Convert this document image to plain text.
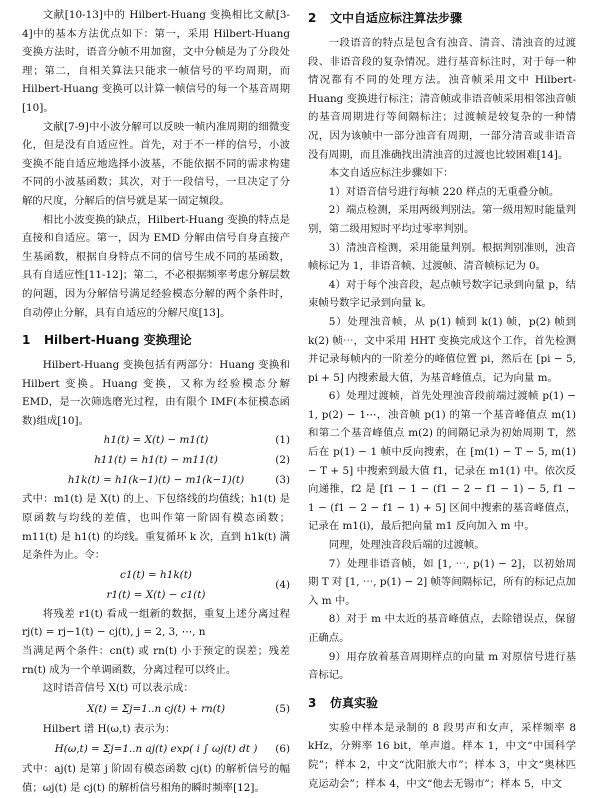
文献[10-13]中的 Hilbert-Huang 变换相比文献[3-4]中的基本方法优点如下：第一，采用 Hilbert-Huang 变换方法时，语音分帧不用加窗，文中分帧是为了分段处理；第二，自相关算法只能求一帧信号的平均周期，而 Hilbert-Huang 变换可以计算一帧信号的每一个基音周期[10]。

文献[7-9]中小波分解可以反映一帧内准周期的细微变化，但是没有自适应性。首先，对于不一样的信号，小波变换不能自适应地选择小波基，不能依据不同的需求构建不同的小波基函数；其次，对于一段信号，一旦决定了分解的尺度，分解后的信号就是某一固定频段。

相比小波变换的缺点，Hilbert-Huang 变换的特点是直接和自适应。第一，因为 EMD 分解由信号自身直接产生基函数，根据自身特点不同的信号生成不同的基函数，具有自适应性[11-12]；第二，不必根据频率考虑分解层数的问题，因为分解信号满足经验模态分解的两个条件时，自动停止分解，具有自适应的分解尺度[13]。

1 Hilbert-Huang 变换理论

Hilbert-Huang 变换包括有两部分：Huang 变换和 Hilbert 变换。Huang 变换，又称为经验模态分解 EMD，是一次筛选磨光过程，由有限个 IMF(本征模态函数)组成[10]。

h1(t) = X(t) − m1(t)	(1)
h11(t) = h1(t) − m11(t)	(2)
h1k(t) = h1(k−1)(t) − m1(k−1)(t)	(3)

式中：m1(t) 是 X(t) 的上、下包络线的均值线；h1(t) 是原函数与均线的差值，也叫作第一阶固有模态函数；m11(t) 是 h1(t) 的均线。重复循环 k 次，直到 h1k(t) 满足条件为止。令：

c1(t) = h1k(t)
r1(t) = X(t) − c1(t)
(4)

将残差 r1(t) 看成一组新的数据，重复上述分离过程 rj(t) = rj−1(t) − cj(t), j = 2, 3, ⋯, n

当满足两个条件：cn(t) 或 rn(t) 小于预定的误差；残差 rn(t) 成为一个单调函数，分离过程可以终止。

这时语音信号 X(t) 可以表示成：

X(t) = Σj=1..n cj(t) + rn(t)	(5)

Hilbert 谱 H(ω,t) 表示为：

H(ω,t) = Σj=1..n aj(t) exp( i ∫ ωj(t) dt ) (6)

式中：aj(t) 是第 j 阶固有模态函数 cj(t) 的解析信号的幅值；ωj(t) 是 cj(t) 的解析信号相角的瞬时频率[12]。

2 文中自适应标注算法步骤

一段语音的特点是包含有浊音、清音、清浊音的过渡段、非语音段的复杂情况。进行基音标注时，对于每一种情况都有不同的处理方法。浊音帧采用文中 Hilbert-Huang 变换进行标注；清音帧或非语音帧采用相邻浊音帧的基音周期进行等间隔标注；过渡帧是较复杂的一种情况，因为该帧中一部分浊音有周期，一部分清音或非语音没有周期，而且准确找出清浊音的过渡也比较困难[14]。

本文自适应标注步骤如下：

1）对语音信号进行每帧 220 样点的无重叠分帧。

2）端点检测，采用两级判别法。第一级用短时能量判别，第二级用短时平均过零率判别。

3）清浊音检测，采用能量判别。根据判别准则，浊音帧标记为 1，非语音帧、过渡帧、清音帧标记为 0。

4）对于每个浊音段，起点帧号数字记录到向量 p，结束帧号数字记录到向量 k。

5）处理浊音帧，从 p(1) 帧到 k(1) 帧，p(2) 帧到 k(2) 帧⋯，文中采用 HHT 变换完成这个工作，首先检测并记录每帧内的一阶差分的峰值位置 pi，然后在 [pi − 5, pi + 5] 内搜索最大值，为基音峰值点，记为向量 m。

6）处理过渡帧，首先处理浊音段前端过渡帧 p(1) − 1, p(2) − 1⋯，浊音帧 p(1) 的第一个基音峰值点 m(1) 和第二个基音峰值点 m(2) 的间隔记录为初始周期 T，然后在 p(1) − 1 帧中反向搜索，在 [m(1) − T − 5, m(1) − T + 5] 中搜索到最大值 f1，记录在 m1(1) 中。依次反向递推，f2 是 [f1 − 1 − (f1 − 2 − f1 − 1) − 5, f1 − 1 − (f1 − 2 − f1 − 1) + 5] 区间中搜索的基音峰值点，记录在 m1(i)，最后把向量 m1 反向加入 m 中。

同理，处理浊音段后端的过渡帧。

7）处理非语音帧，如 [1, ⋯, p(1) − 2]，以初始周期 T 对 [1, ⋯, p(1) − 2] 帧等间隔标记，所有的标记点加入 m 中。

8）对于 m 中太近的基音峰值点，去除错误点，保留正确点。

9）用存放着基音周期样点的向量 m 对原信号进行基音标记。

3 仿真实验

实验中样本是录制的 8 段男声和女声，采样频率 8 kHz，分辨率 16 bit，单声道。样本 1，中文“中国科学院”；样本 2，中文“沈阳旅大市”；样本 3，中文“奥林匹克运动会”；样本 4，中文“他去无锡市”；样本 5，中文
